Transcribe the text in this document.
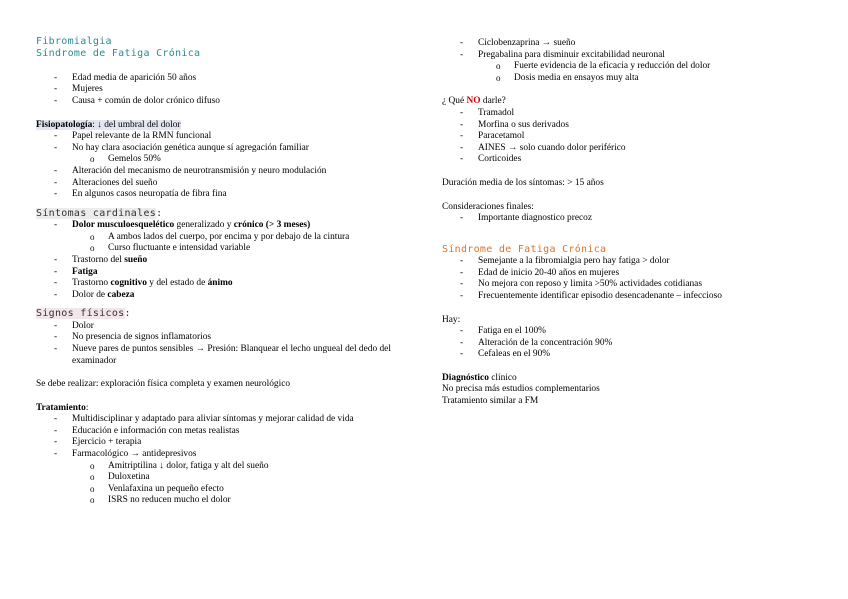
Fibromialgia
Síndrome de Fatiga Crónica
- Edad media de aparición 50 años
- Mujeres
- Causa + común de dolor crónico difuso

Fisiopatología: ↓ del umbral del dolor

- Papel relevante de la RMN funcional
- No hay clara asociación genética aunque sí agregación familiar
o Gemelos 50%
- Alteración del mecanismo de neurotransmisión y neuro modulación
- Alteraciones del sueño
- En algunos casos neuropatía de fibra fina
Síntomas cardinales:
- Dolor musculoesquelético generalizado y crónico (> 3 meses)
o A ambos lados del cuerpo, por encima y por debajo de la cintura
o Curso fluctuante e intensidad variable
- Trastorno del sueño
- Fatiga
- Trastorno cognitivo y del estado de ánimo
- Dolor de cabeza
Signos físicos:
- Dolor
- No presencia de signos inflamatorios
- Nueve pares de puntos sensibles → Presión: Blanquear el lecho ungueal del dedo del examinador

Se debe realizar: exploración física completa y examen neurológico

Tratamiento:

- Multidisciplinar y adaptado para aliviar síntomas y mejorar calidad de vida
- Educación e información con metas realistas
- Ejercicio + terapia
- Farmacológico → antidepresivos
o Amitriptilina ↓ dolor, fatiga y alt del sueño
o Duloxetina
o Venlafaxina un pequeño efecto
o ISRS no reducen mucho el dolor
- Ciclobenzaprina → sueño
- Pregabalina para disminuir excitabilidad neuronal
o Fuerte evidencia de la eficacia y reducción del dolor
o Dosis media en ensayos muy alta

¿ Qué NO darle?

- Tramadol
- Morfina o sus derivados
- Paracetamol
- AINES → solo cuando dolor periférico
- Corticoides

Duración media de los síntomas: > 15 años

Consideraciones finales:

- Importante diagnostico precoz
Síndrome de Fatiga Crónica
- Semejante a la fibromialgia pero hay fatiga > dolor
- Edad de inicio 20-40 años en mujeres
- No mejora con reposo y limita >50% actividades cotidianas
- Frecuentemente identificar episodio desencadenante – infeccioso

Hay:

- Fatiga en el 100%
- Alteración de la concentración 90%
- Cefaleas en el 90%

Diagnóstico clínico

No precisa más estudios complementarios

Tratamiento similar a FM
